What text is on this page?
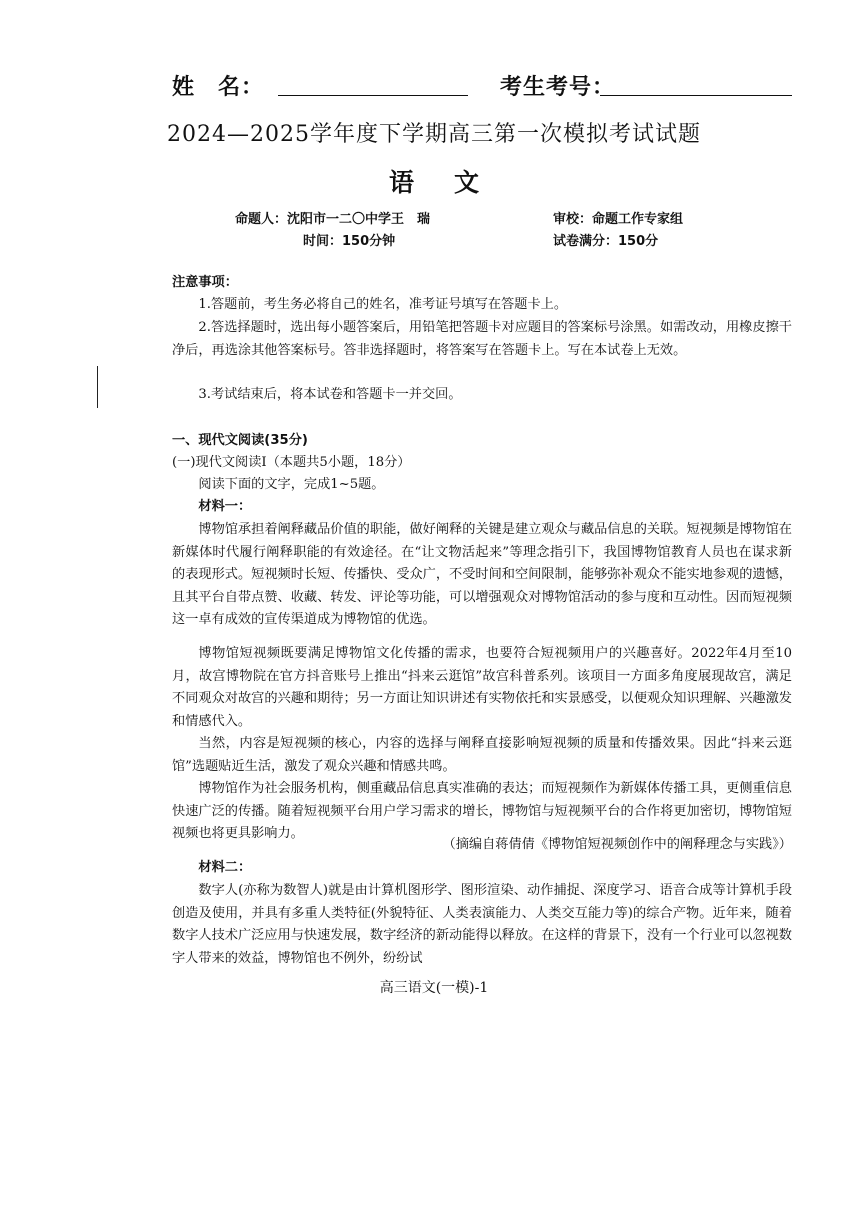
姓　名：	考生考号：
2024—2025学年度下学期高三第一次模拟考试试题
语文
命题人：沈阳市一二〇中学王　瑞	审校：命题工作专家组
时间：150分钟	试卷满分：150分
注意事项：
1.答题前，考生务必将自己的姓名，准考证号填写在答题卡上。
2.答选择题时，选出每小题答案后，用铅笔把答题卡对应题目的答案标号涂黑。如需改动，用橡皮擦干净后，再选涂其他答案标号。答非选择题时，将答案写在答题卡上。写在本试卷上无效。
3.考试结束后，将本试卷和答题卡一并交回。
一、现代文阅读(35分)
(一)现代文阅读I（本题共5小题，18分）
阅读下面的文字，完成1~5题。
材料一：
博物馆承担着阐释藏品价值的职能，做好阐释的关键是建立观众与藏品信息的关联。短视频是博物馆在新媒体时代履行阐释职能的有效途径。在“让文物活起来”等理念指引下，我国博物馆教育人员也在谋求新的表现形式。短视频时长短、传播快、受众广，不受时间和空间限制，能够弥补观众不能实地参观的遗憾，且其平台自带点赞、收藏、转发、评论等功能，可以增强观众对博物馆活动的参与度和互动性。因而短视频这一卓有成效的宣传渠道成为博物馆的优选。
博物馆短视频既要满足博物馆文化传播的需求，也要符合短视频用户的兴趣喜好。2022年4月至10月，故宫博物院在官方抖音账号上推出“抖来云逛馆”故宫科普系列。该项目一方面多角度展现故宫，满足不同观众对故宫的兴趣和期待；另一方面让知识讲述有实物依托和实景感受，以便观众知识理解、兴趣激发和情感代入。
当然，内容是短视频的核心，内容的选择与阐释直接影响短视频的质量和传播效果。因此“抖来云逛馆”选题贴近生活，激发了观众兴趣和情感共鸣。
博物馆作为社会服务机构，侧重藏品信息真实准确的表达；而短视频作为新媒体传播工具，更侧重信息快速广泛的传播。随着短视频平台用户学习需求的增长，博物馆与短视频平台的合作将更加密切，博物馆短视频也将更具影响力。
（摘编自蒋倩倩《博物馆短视频创作中的阐释理念与实践》）
材料二：
数字人(亦称为数智人)就是由计算机图形学、图形渲染、动作捕捉、深度学习、语音合成等计算机手段创造及使用，并具有多重人类特征(外貌特征、人类表演能力、人类交互能力等)的综合产物。近年来，随着数字人技术广泛应用与快速发展，数字经济的新动能得以释放。在这样的背景下，没有一个行业可以忽视数字人带来的效益，博物馆也不例外，纷纷试
高三语文(一模)-1
